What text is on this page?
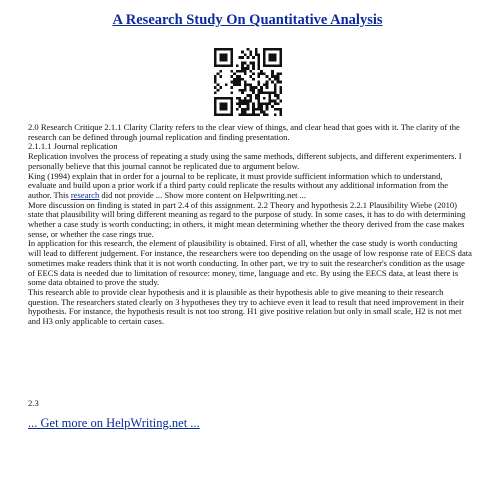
A Research Study On Quantitative Analysis
2.0 Research Critique 2.1.1 Clarity Clarity refers to the clear view of things, and clear head that goes with it. The clarity of the research can be defined through journal replication and finding presentation.
2.1.1.1 Journal replication
Replication involves the process of repeating a study using the same methods, different subjects, and different experimenters. I personally believe that this journal cannot be replicated due to argument below.
King (1994) explain that in order for a journal to be replicate, it must provide sufficient information which to understand, evaluate and build upon a prior work if a third party could replicate the results without any additional information from the author. This research did not provide ... Show more content on Helpwriting.net ...
More discussion on finding is stated in part 2.4 of this assignment. 2.2 Theory and hypothesis 2.2.1 Plausibility Wiebe (2010) state that plausibility will bring different meaning as regard to the purpose of study. In some cases, it has to do with determining whether a case study is worth conducting; in others, it might mean determining whether the theory derived from the case makes sense, or whether the case rings true.
In application for this research, the element of plausibility is obtained. First of all, whether the case study is worth conducting will lead to different judgement. For instance, the researchers were too depending on the usage of low response rate of EECS data sometimes make readers think that it is not worth conducting. In other part, we try to suit the researcher's condition as the usage of EECS data is needed due to limitation of resource: money, time, language and etc. By using the EECS data, at least there is some data obtained to prove the study.
This research able to provide clear hypothesis and it is plausible as their hypothesis able to give meaning to their research question. The researchers stated clearly on 3 hypotheses they try to achieve even it lead to result that need improvement in their hypothesis. For instance, the hypothesis result is not too strong. H1 give positive relation but only in small scale, H2 is not met and H3 only applicable to certain cases.
2.3
... Get more on HelpWriting.net ...
